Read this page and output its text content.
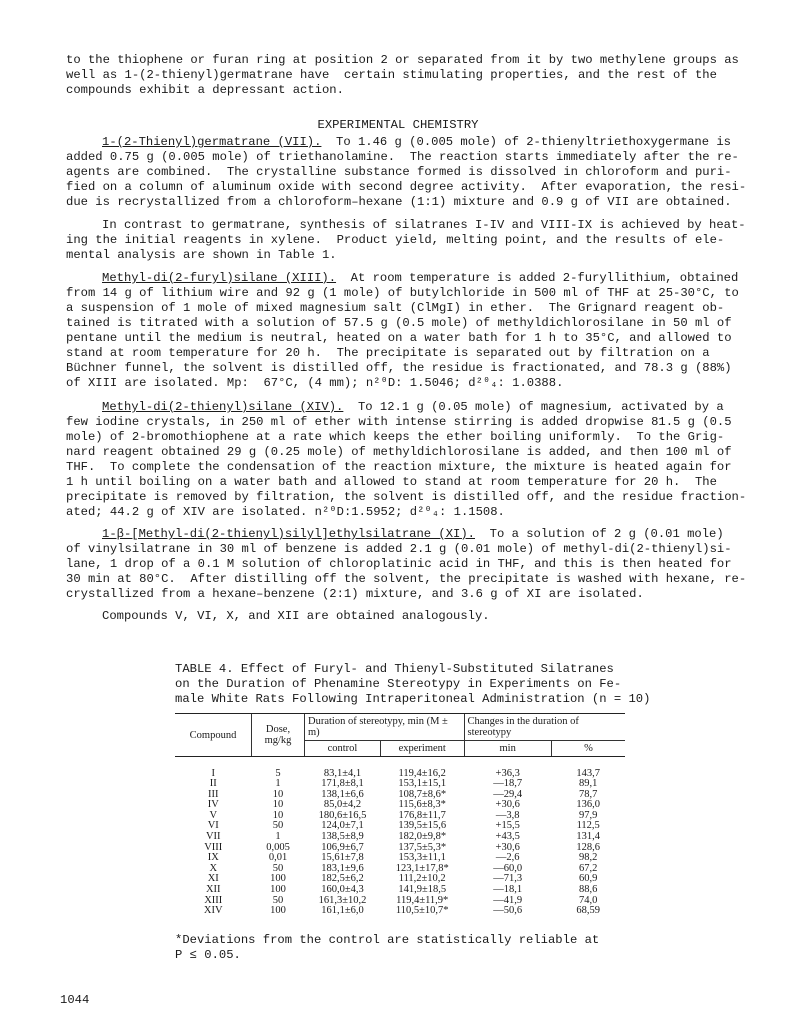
to the thiophene or furan ring at position 2 or separated from it by two methylene groups as
well as 1-(2-thienyl)germatrane have  certain stimulating properties, and the rest of the
compounds exhibit a depressant action.
EXPERIMENTAL CHEMISTRY
1-(2-Thienyl)germatrane (VII).  To 1.46 g (0.005 mole) of 2-thienyltriethoxygermane is
added 0.75 g (0.005 mole) of triethanolamine.  The reaction starts immediately after the re-
agents are combined.  The crystalline substance formed is dissolved in chloroform and puri-
fied on a column of aluminum oxide with second degree activity.  After evaporation, the resi-
due is recrystallized from a chloroform–hexane (1:1) mixture and 0.9 g of VII are obtained.
In contrast to germatrane, synthesis of silatranes I-IV and VIII-IX is achieved by heat-
ing the initial reagents in xylene.  Product yield, melting point, and the results of ele-
mental analysis are shown in Table 1.
Methyl-di(2-furyl)silane (XIII).  At room temperature is added 2-furyllithium, obtained
from 14 g of lithium wire and 92 g (1 mole) of butylchloride in 500 ml of THF at 25-30°C, to
a suspension of 1 mole of mixed magnesium salt (ClMgI) in ether.  The Grignard reagent ob-
tained is titrated with a solution of 57.5 g (0.5 mole) of methyldichlorosilane in 50 ml of
pentane until the medium is neutral, heated on a water bath for 1 h to 35°C, and allowed to
stand at room temperature for 20 h.  The precipitate is separated out by filtration on a
Büchner funnel, the solvent is distilled off, the residue is fractionated, and 78.3 g (88%)
of XIII are isolated. Mp:  67°C, (4 mm); n²⁰D: 1.5046; d²⁰₄: 1.0388.
Methyl-di(2-thienyl)silane (XIV).  To 12.1 g (0.05 mole) of magnesium, activated by a
few iodine crystals, in 250 ml of ether with intense stirring is added dropwise 81.5 g (0.5
mole) of 2-bromothiophene at a rate which keeps the ether boiling uniformly.  To the Grig-
nard reagent obtained 29 g (0.25 mole) of methyldichlorosilane is added, and then 100 ml of
THF.  To complete the condensation of the reaction mixture, the mixture is heated again for
1 h until boiling on a water bath and allowed to stand at room temperature for 20 h.  The
precipitate is removed by filtration, the solvent is distilled off, and the residue fraction-
ated; 44.2 g of XIV are isolated. n²⁰D:1.5952; d²⁰₄: 1.1508.
1-β-[Methyl-di(2-thienyl)silyl]ethylsilatrane (XI).  To a solution of 2 g (0.01 mole)
of vinylsilatrane in 30 ml of benzene is added 2.1 g (0.01 mole) of methyl-di(2-thienyl)si-
lane, 1 drop of a 0.1 M solution of chloroplatinic acid in THF, and this is then heated for
30 min at 80°C.  After distilling off the solvent, the precipitate is washed with hexane, re-
crystallized from a hexane–benzene (2:1) mixture, and 3.6 g of XI are isolated.
Compounds V, VI, X, and XII are obtained analogously.
TABLE 4. Effect of Furyl- and Thienyl-Substituted Silatranes
on the Duration of Phenamine Stereotypy in Experiments on Fe-
male White Rats Following Intraperitoneal Administration (n = 10)
Compound	Dose, mg/kg	Duration of stereotypy, min (M ± m)		Changes in the duration of stereotypy	
		control	experiment	min	%

I	5	83,1±4,1	119,4±16,2	+36,3	143,7
II	1	171,8±8,1	153,1±15,1	—18,7	89,1
III	10	138,1±6,6	108,7±8,6*	—29,4	78,7
IV	10	85,0±4,2	115,6±8,3*	+30,6	136,0
V	10	180,6±16,5	176,8±11,7	—3,8	97,9
VI	50	124,0±7,1	139,5±15,6	+15,5	112,5
VII	1	138,5±8,9	182,0±9,8*	+43,5	131,4
VIII	0,005	106,9±6,7	137,5±5,3*	+30,6	128,6
IX	0,01	15,61±7,8	153,3±11,1	—2,6	98,2
X	50	183,1±9,6	123,1±17,8*	—60,0	67,2
XI	100	182,5±6,2	111,2±10,2	—71,3	60,9
XII	100	160,0±4,3	141,9±18,5	—18,1	88,6
XIII	50	161,3±10,2	119,4±11,9*	—41,9	74,0
XIV	100	161,1±6,0	110,5±10,7*	—50,6	68,59
*Deviations from the control are statistically reliable at
P ≤ 0.05.
1044
